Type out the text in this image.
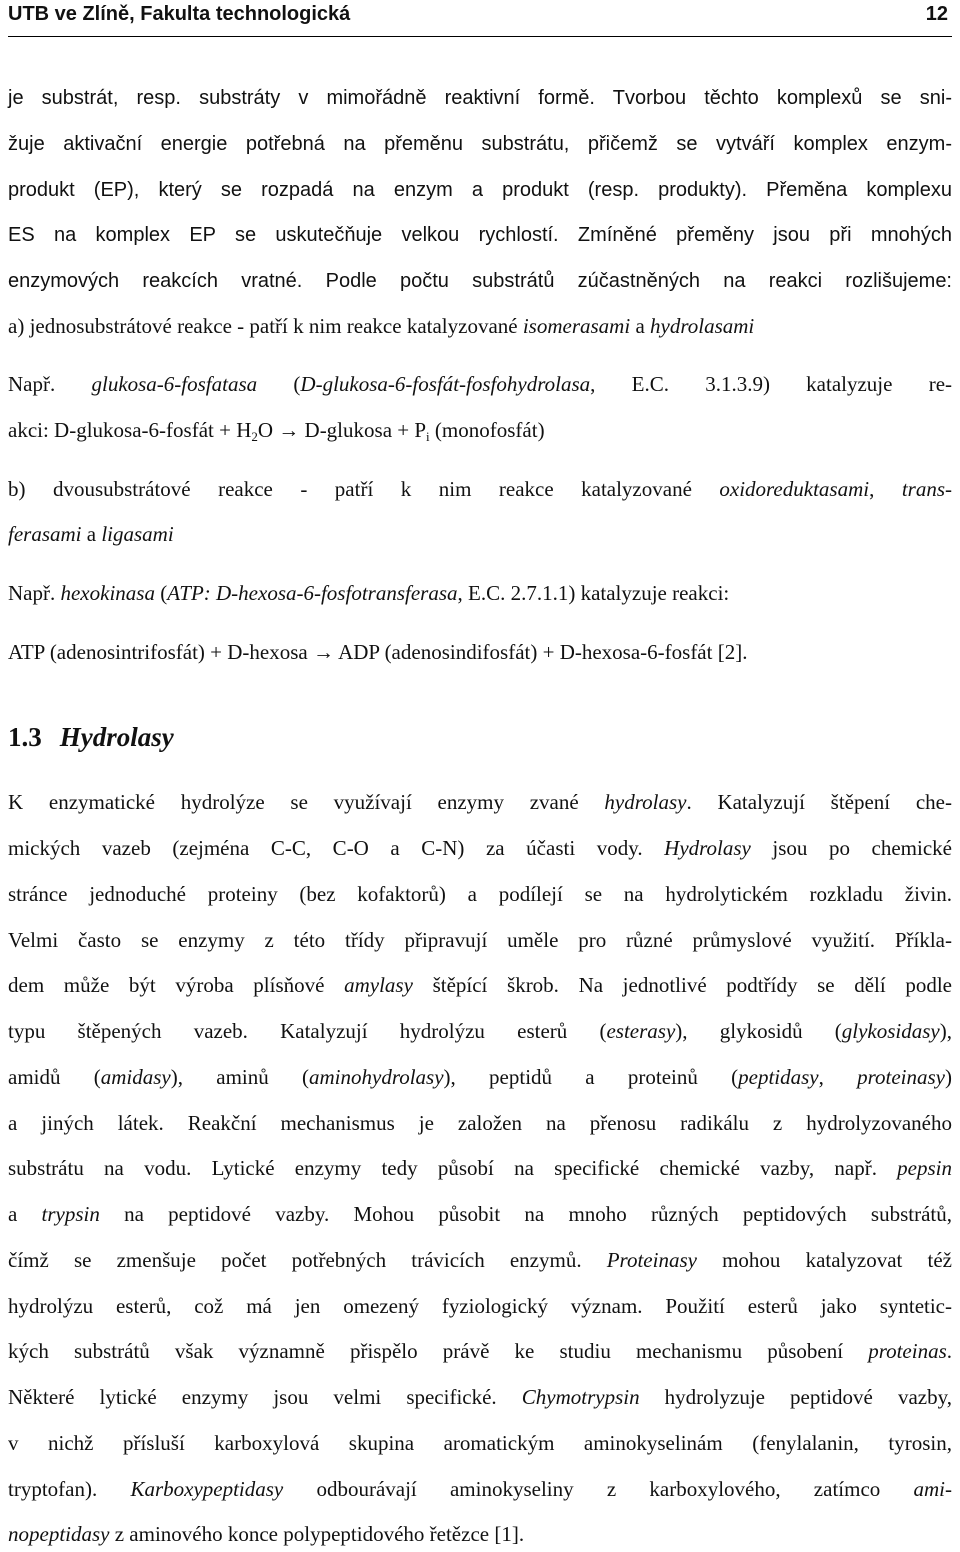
UTB ve Zlíně, Fakulta technologická	12
je substrát, resp. substráty v mimořádně reaktivní formě. Tvorbou těchto komplexů se sni-
žuje aktivační energie potřebná na přeměnu substrátu, přičemž se vytváří komplex enzym-
produkt (EP), který se rozpadá na enzym a produkt (resp. produkty). Přeměna komplexu
ES na komplex EP se uskutečňuje velkou rychlostí. Zmíněné přeměny jsou při mnohých
enzymových reakcích vratné. Podle počtu substrátů zúčastněných na reakci rozlišujeme:
a) jednosubstrátové reakce - patří k nim reakce katalyzované isomerasami a hydrolasami
Např. glukosa-6-fosfatasa (D-glukosa-6-fosfát-fosfohydrolasa, E.C. 3.1.3.9) katalyzuje re-
akci: D-glukosa-6-fosfát + $H_2O$ → D-glukosa + $P_i$ (monofosfát)
b) dvousubstrátové reakce - patří k nim reakce katalyzované oxidoreduktasami, trans-
ferasami a ligasami
Např. hexokinasa (ATP: D-hexosa-6-fosfotransferasa, E.C. 2.7.1.1) katalyzuje reakci:
ATP (adenosintrifosfát) + D-hexosa → ADP (adenosindifosfát) + D-hexosa-6-fosfát [2].
1.3 Hydrolasy
K enzymatické hydrolýze se využívají enzymy zvané hydrolasy. Katalyzují štěpení che-
mických vazeb (zejména C-C, C-O a C-N) za účasti vody. Hydrolasy jsou po chemické
stránce jednoduché proteiny (bez kofaktorů) a podílejí se na hydrolytickém rozkladu živin.
Velmi často se enzymy z této třídy připravují uměle pro různé průmyslové využití. Příkla-
dem může být výroba plísňové amylasy štěpící škrob. Na jednotlivé podtřídy se dělí podle
typu štěpených vazeb. Katalyzují hydrolýzu esterů (esterasy), glykosidů (glykosidasy),
amidů (amidasy), aminů (aminohydrolasy), peptidů a proteinů (peptidasy, proteinasy)
a jiných látek. Reakční mechanismus je založen na přenosu radikálu z hydrolyzovaného
substrátu na vodu. Lytické enzymy tedy působí na specifické chemické vazby, např. pepsin
a trypsin na peptidové vazby. Mohou působit na mnoho různých peptidových substrátů,
čímž se zmenšuje počet potřebných trávicích enzymů. Proteinasy mohou katalyzovat též
hydrolýzu esterů, což má jen omezený fyziologický význam. Použití esterů jako syntetic-
kých substrátů však významně přispělo právě ke studiu mechanismu působení proteinas.
Některé lytické enzymy jsou velmi specifické. Chymotrypsin hydrolyzuje peptidové vazby,
v nichž přísluší karboxylová skupina aromatickým aminokyselinám (fenylalanin, tyrosin,
tryptofan). Karboxypeptidasy odbourávají aminokyseliny z karboxylového, zatímco ami-
nopeptidasy z aminového konce polypeptidového řetězce [1].
